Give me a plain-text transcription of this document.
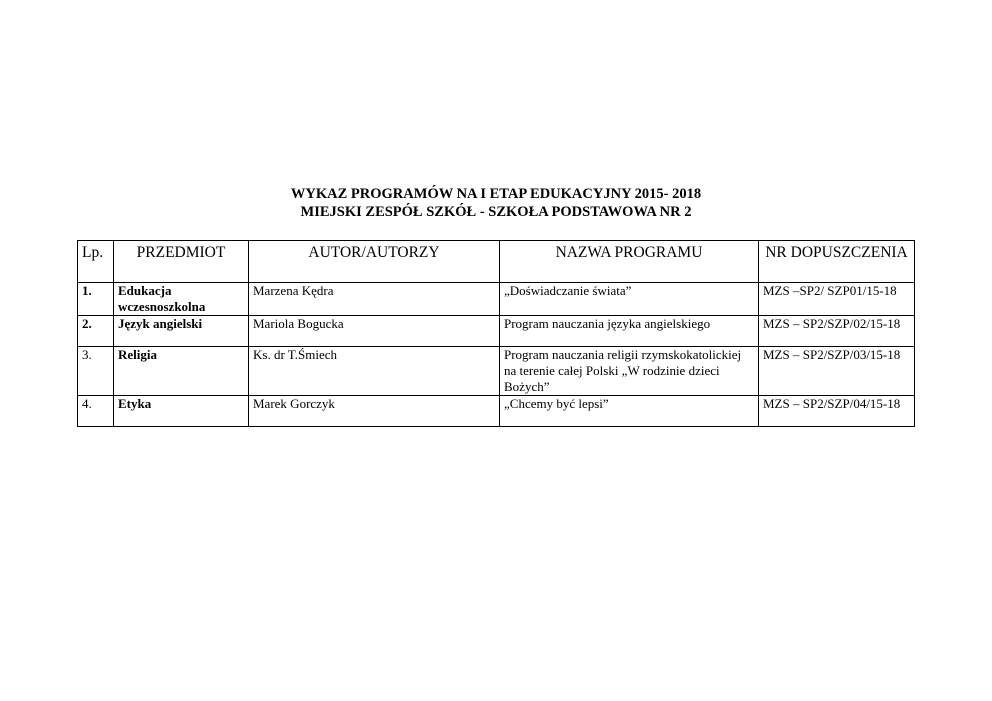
WYKAZ PROGRAMÓW NA I ETAP EDUKACYJNY 2015- 2018
MIEJSKI ZESPÓŁ SZKÓŁ - SZKOŁA PODSTAWOWA NR 2
Lp.	PRZEDMIOT	AUTOR/AUTORZY	NAZWA PROGRAMU	NR DOPUSZCZENIA
1.	Edukacja wczesnoszkolna	Marzena Kędra	„Doświadczanie świata”	MZS –SP2/ SZP01/15-18
2.	Język angielski	Mariola Bogucka	Program nauczania języka angielskiego	MZS – SP2/SZP/02/15-18
3.	Religia	Ks. dr T.Śmiech	Program nauczania religii rzymskokatolickiej na terenie całej Polski „W rodzinie dzieci Bożych”	MZS – SP2/SZP/03/15-18
4.	Etyka	Marek Gorczyk	„Chcemy być lepsi”	MZS – SP2/SZP/04/15-18
